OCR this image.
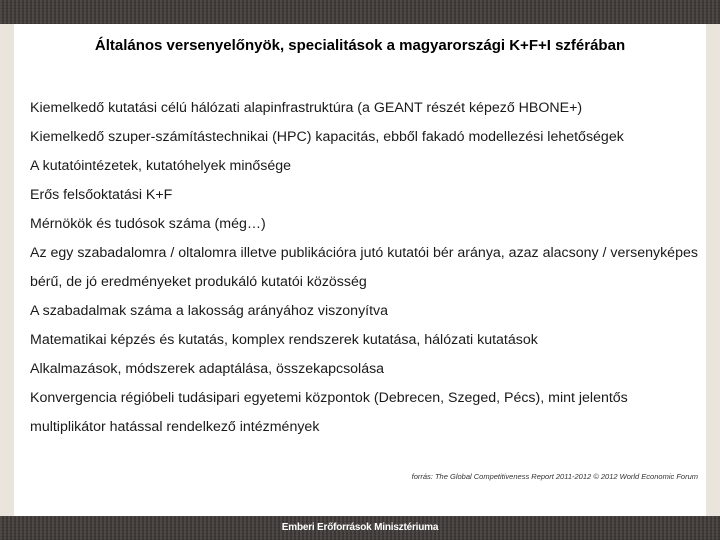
Általános versenyelőnyök, specialitások a magyarországi K+F+I szférában
Kiemelkedő kutatási célú hálózati alapinfrastruktúra (a GEANT részét képező HBONE+)
Kiemelkedő szuper-számítástechnikai (HPC) kapacitás, ebből fakadó modellezési lehetőségek
A kutatóintézetek, kutatóhelyek minősége
Erős felsőoktatási K+F
Mérnökök és tudósok száma (még…)
Az egy szabadalomra / oltalomra illetve publikációra jutó kutatói bér aránya, azaz alacsony / versenyképes bérű, de jó eredményeket produkáló kutatói közösség
A szabadalmak száma a lakosság arányához viszonyítva
Matematikai képzés és kutatás, komplex rendszerek kutatása, hálózati kutatások
Alkalmazások, módszerek adaptálása, összekapcsolása
Konvergencia régióbeli tudásipari egyetemi központok (Debrecen, Szeged, Pécs), mint jelentős multiplikátor hatással rendelkező intézmények
forrás: The Global Competitiveness Report 2011-2012 © 2012 World Economic Forum
Emberi Erőforrások Minisztériuma
